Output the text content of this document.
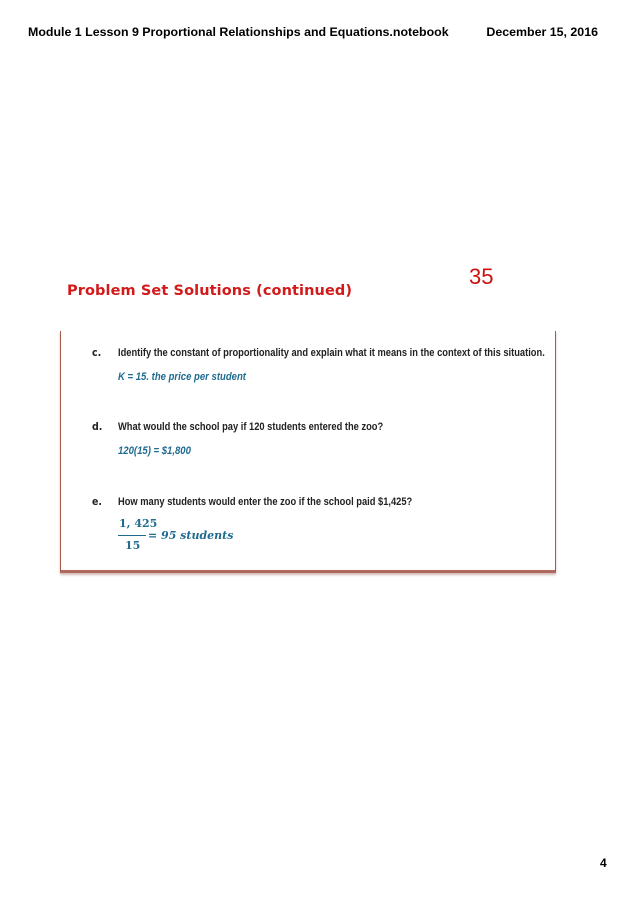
Module 1 Lesson 9 Proportional Relationships and Equations.notebook	December 15, 2016
35
Problem Set Solutions (continued)
c. Identify the constant of proportionality and explain what it means in the context of this situation.
K = 15. the price per student
d. What would the school pay if 120 students entered the zoo?
120(15) = $1,800
e. How many students would enter the zoo if the school paid $1,425?
1, 425
15
= 95 students
4
